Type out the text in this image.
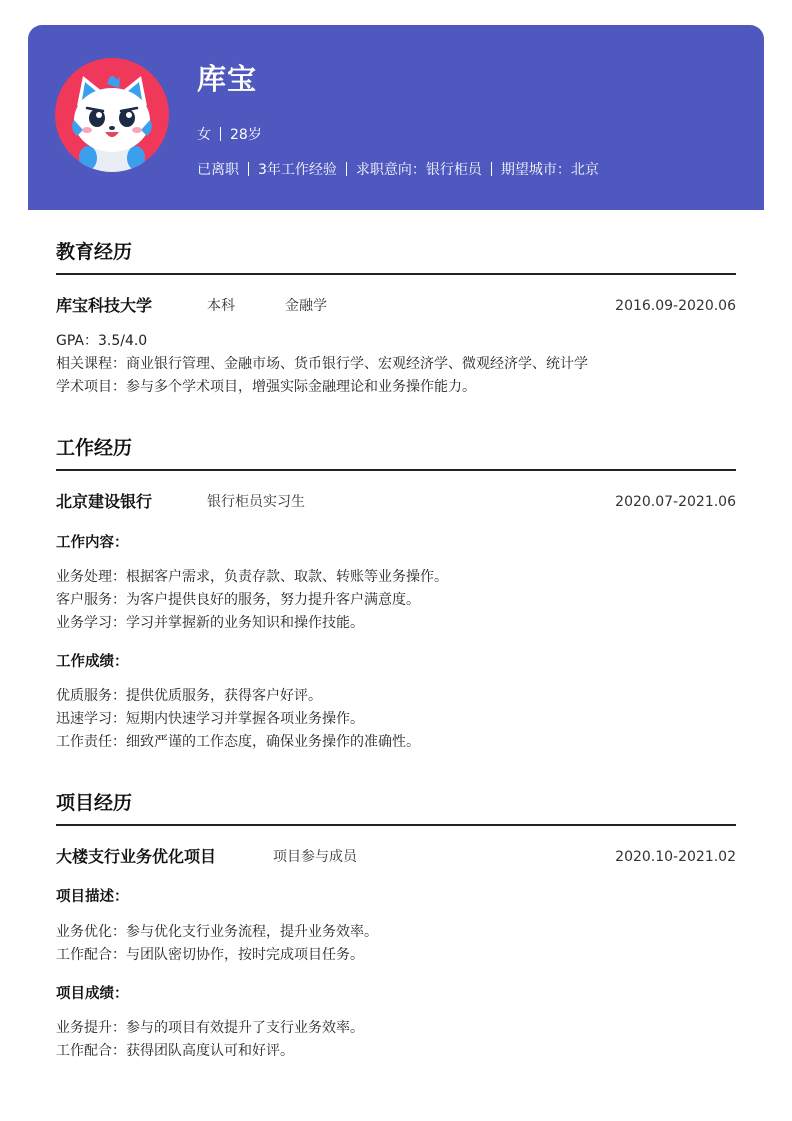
库宝
女 28岁
已离职 3年工作经验 求职意向：银行柜员 期望城市：北京
教育经历
库宝科技大学	本科	金融学	2016.09-2020.06
GPA：3.5/4.0
相关课程：商业银行管理、金融市场、货币银行学、宏观经济学、微观经济学、统计学
学术项目：参与多个学术项目，增强实际金融理论和业务操作能力。
工作经历
北京建设银行	银行柜员实习生	2020.07-2021.06
工作内容：
业务处理：根据客户需求，负责存款、取款、转账等业务操作。
客户服务：为客户提供良好的服务，努力提升客户满意度。
业务学习：学习并掌握新的业务知识和操作技能。
工作成绩：
优质服务：提供优质服务，获得客户好评。
迅速学习：短期内快速学习并掌握各项业务操作。
工作责任：细致严谨的工作态度，确保业务操作的准确性。
项目经历
大楼支行业务优化项目	项目参与成员	2020.10-2021.02
项目描述：
业务优化：参与优化支行业务流程，提升业务效率。
工作配合：与团队密切协作，按时完成项目任务。
项目成绩：
业务提升：参与的项目有效提升了支行业务效率。
工作配合：获得团队高度认可和好评。
